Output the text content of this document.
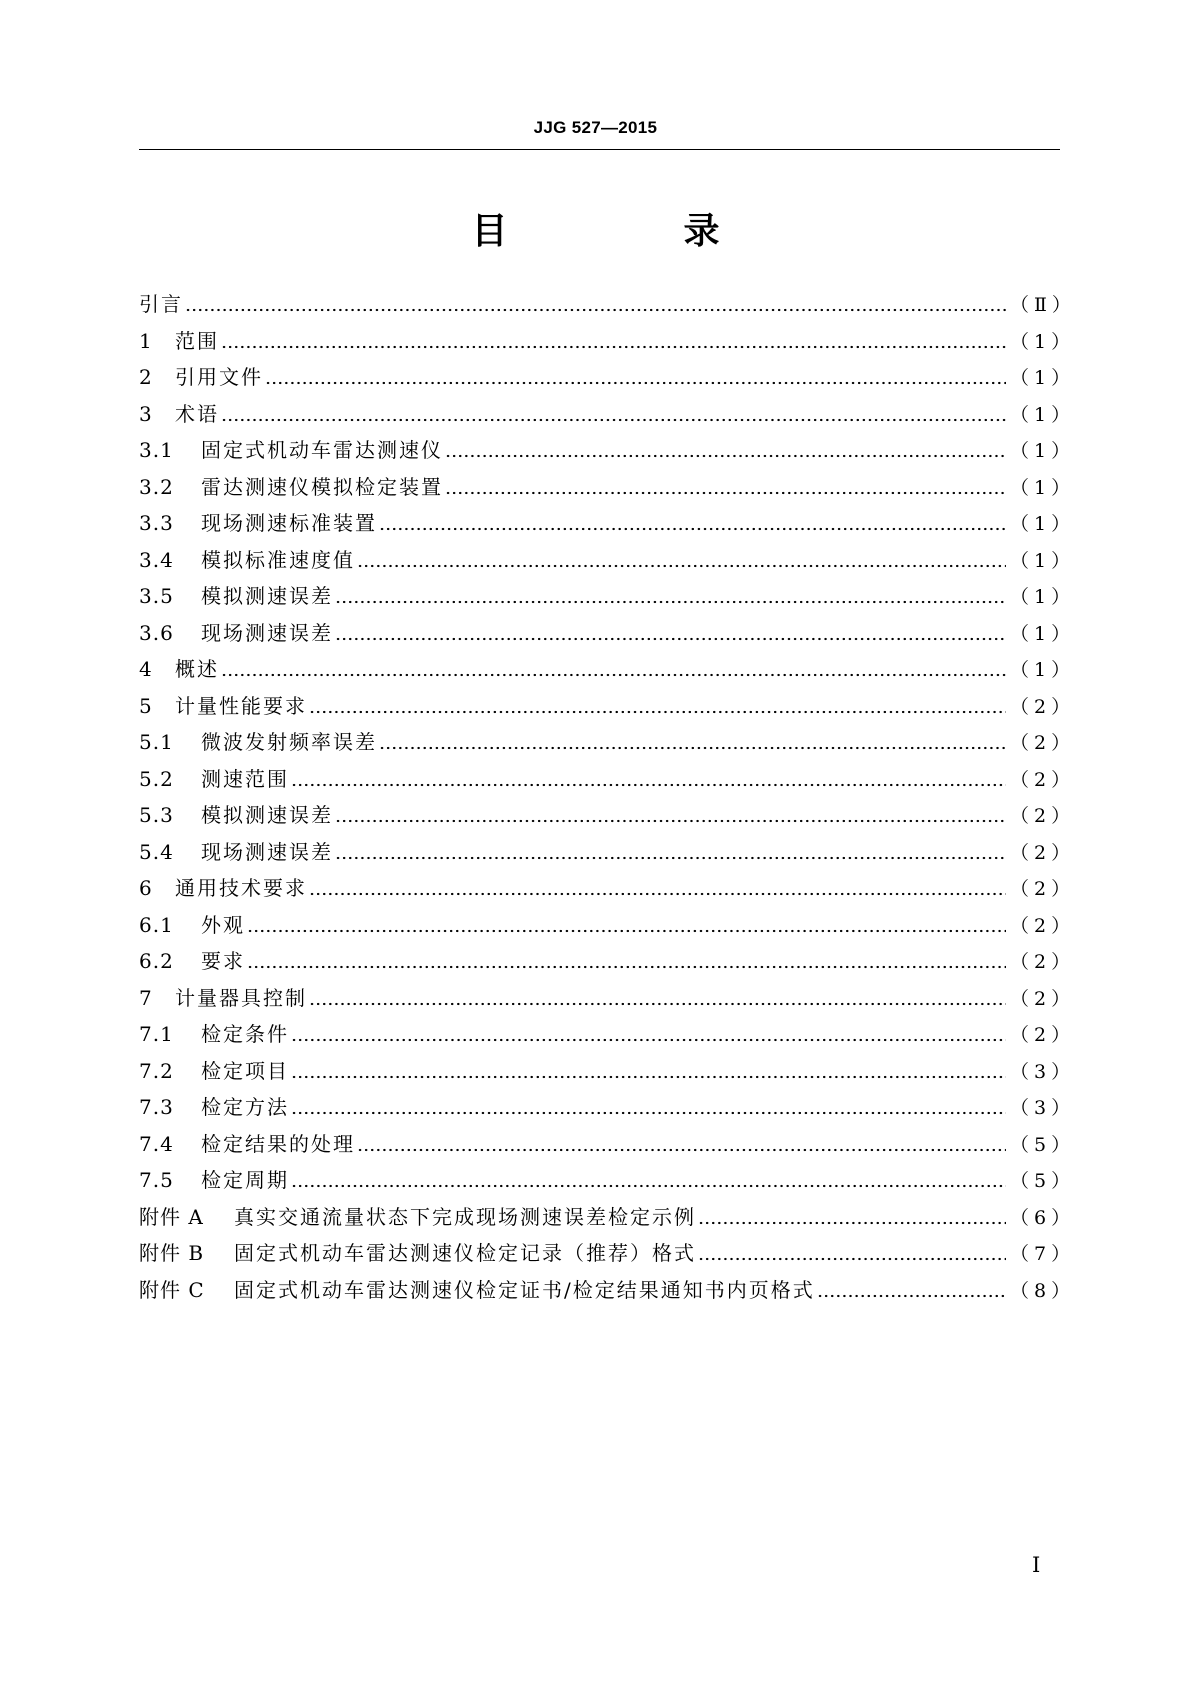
JJG 527—2015
目　录
引言	（Ⅱ）
1	范围	（1）
2	引用文件	（1）
3	术语	（1）
3.1	固定式机动车雷达测速仪	（1）
3.2	雷达测速仪模拟检定装置	（1）
3.3	现场测速标准装置	（1）
3.4	模拟标准速度值	（1）
3.5	模拟测速误差	（1）
3.6	现场测速误差	（1）
4	概述	（1）
5	计量性能要求	（2）
5.1	微波发射频率误差	（2）
5.2	测速范围	（2）
5.3	模拟测速误差	（2）
5.4	现场测速误差	（2）
6	通用技术要求	（2）
6.1	外观	（2）
6.2	要求	（2）
7	计量器具控制	（2）
7.1	检定条件	（2）
7.2	检定项目	（3）
7.3	检定方法	（3）
7.4	检定结果的处理	（5）
7.5	检定周期	（5）
附件 A	真实交通流量状态下完成现场测速误差检定示例	（6）
附件 B	固定式机动车雷达测速仪检定记录（推荐）格式	（7）
附件 C	固定式机动车雷达测速仪检定证书/检定结果通知书内页格式	（8）
I
